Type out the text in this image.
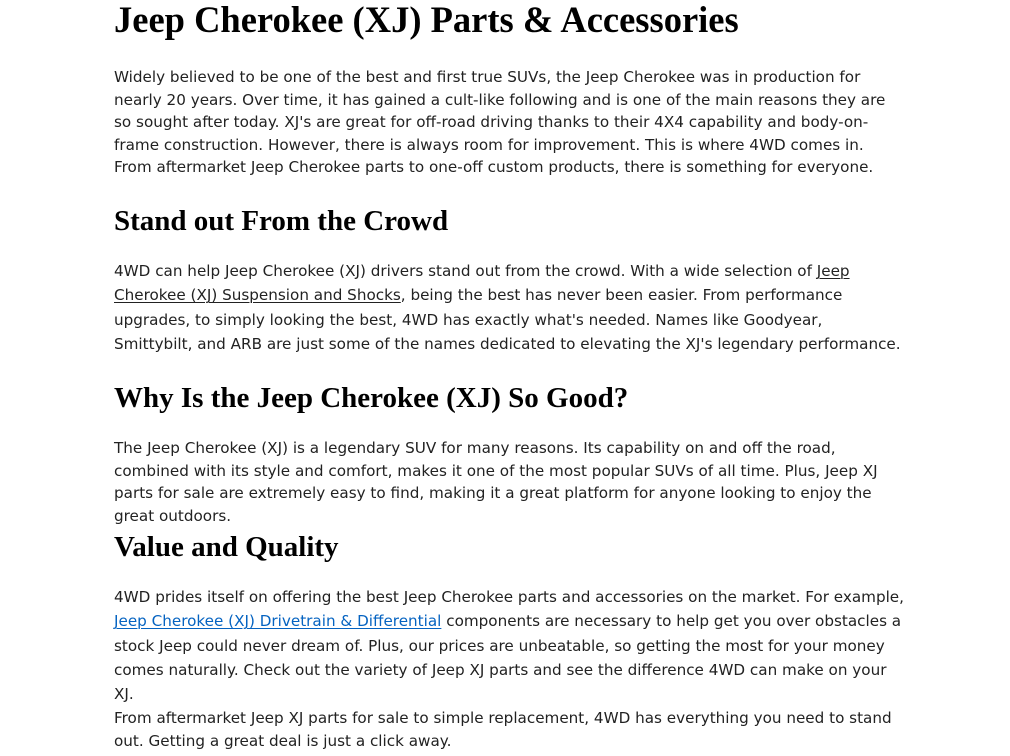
Jeep Cherokee (XJ) Parts & Accessories

Widely believed to be one of the best and first true SUVs, the Jeep Cherokee was in production for nearly 20 years. Over time, it has gained a cult-like following and is one of the main reasons they are so sought after today. XJ's are great for off-road driving thanks to their 4X4 capability and body-on-frame construction. However, there is always room for improvement. This is where 4WD comes in. From aftermarket Jeep Cherokee parts to one-off custom products, there is something for everyone.

Stand out From the Crowd

4WD can help Jeep Cherokee (XJ) drivers stand out from the crowd. With a wide selection of Jeep Cherokee (XJ) Suspension and Shocks, being the best has never been easier. From performance upgrades, to simply looking the best, 4WD has exactly what's needed. Names like Goodyear, Smittybilt, and ARB are just some of the names dedicated to elevating the XJ's legendary performance.

Why Is the Jeep Cherokee (XJ) So Good?

The Jeep Cherokee (XJ) is a legendary SUV for many reasons. Its capability on and off the road, combined with its style and comfort, makes it one of the most popular SUVs of all time. Plus, Jeep XJ parts for sale are extremely easy to find, making it a great platform for anyone looking to enjoy the great outdoors.

Value and Quality

4WD prides itself on offering the best Jeep Cherokee parts and accessories on the market. For example, Jeep Cherokee (XJ) Drivetrain & Differential components are necessary to help get you over obstacles a stock Jeep could never dream of. Plus, our prices are unbeatable, so getting the most for your money comes naturally. Check out the variety of Jeep XJ parts and see the difference 4WD can make on your XJ.

From aftermarket Jeep XJ parts for sale to simple replacement, 4WD has everything you need to stand out. Getting a great deal is just a click away.
